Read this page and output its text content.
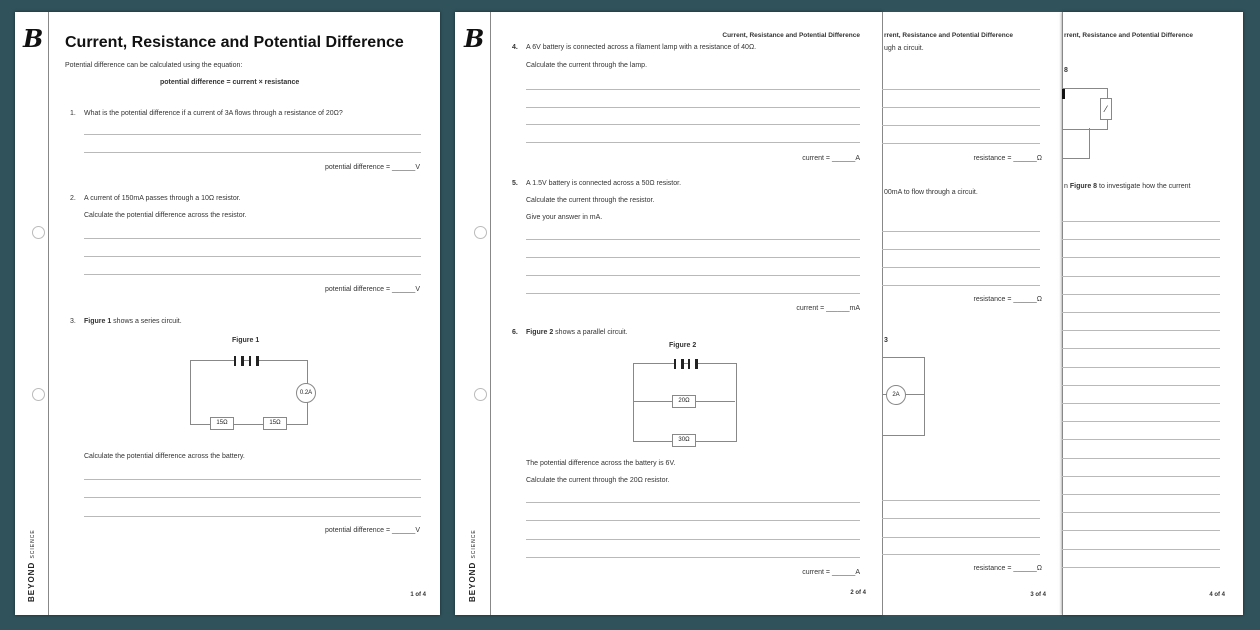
B
BEYOND SCIENCE
Current, Resistance and Potential Difference
Potential difference can be calculated using the equation:
potential difference = current × resistance
1. What is the potential difference if a current of 3A flows through a resistance of 20Ω?
potential difference = ______V
2. A current of 150mA passes through a 10Ω resistor.
Calculate the potential difference across the resistor.
potential difference = ______V
3. Figure 1 shows a series circuit.
Figure 1
0.2A
15Ω	15Ω
Calculate the potential difference across the battery.
potential difference = ______V
1 of 4
B
BEYOND SCIENCE
Current, Resistance and Potential Difference
4. A 6V battery is connected across a filament lamp with a resistance of 40Ω.
Calculate the current through the lamp.
current = ______A
5. A 1.5V battery is connected across a 50Ω resistor.
Calculate the current through the resistor.
Give your answer in mA.
current = ______mA
6. Figure 2 shows a parallel circuit.
Figure 2
20Ω
30Ω
The potential difference across the battery is 6V.
Calculate the current through the 20Ω resistor.
current = ______A
2 of 4
rrent, Resistance and Potential Difference
ugh a circuit.
resistance = ______Ω
00mA to flow through a circuit.
resistance = ______Ω
3
2A
resistance = ______Ω
3 of 4
rrent, Resistance and Potential Difference
8
⁄
n Figure 8 to investigate how the current
4 of 4
